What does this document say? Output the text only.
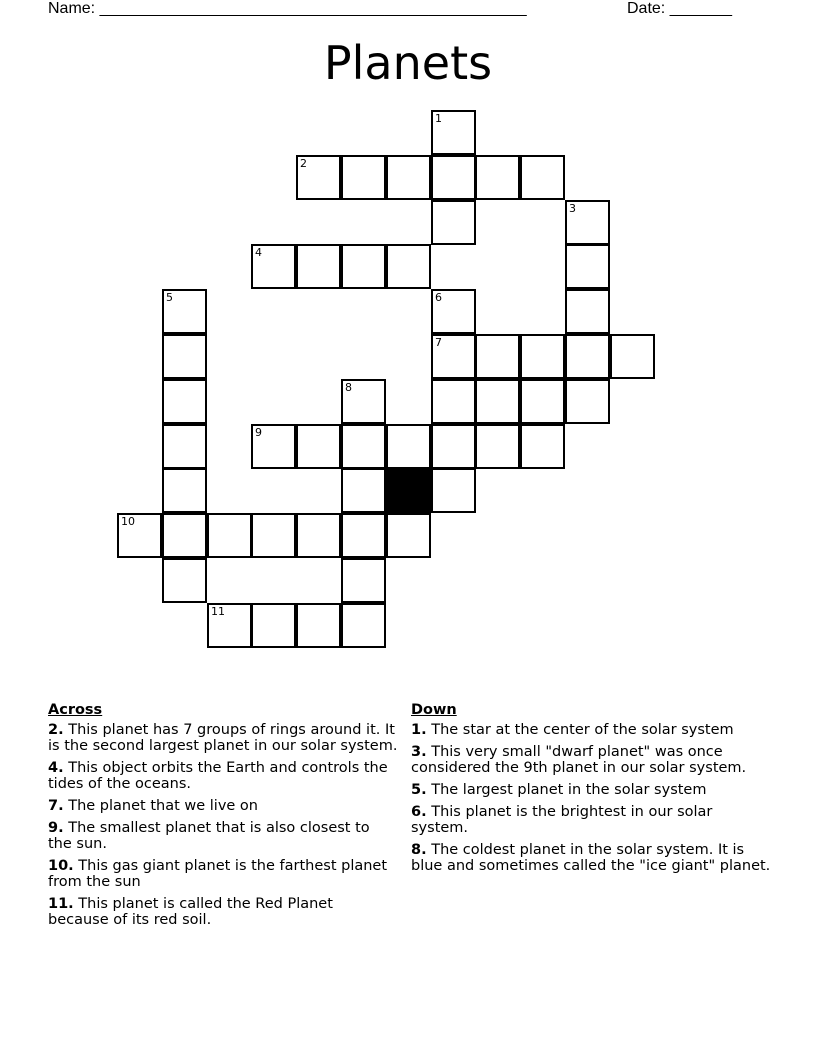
Name: ________________________________________________	Date: _______
Planets
1
2
3
4
5	6
7
8
9
10
11
Across
2. This planet has 7 groups of rings around it. It is the second largest planet in our solar system.
4. This object orbits the Earth and controls the tides of the oceans.
7. The planet that we live on
9. The smallest planet that is also closest to the sun.
10. This gas giant planet is the farthest planet from the sun
11. This planet is called the Red Planet because of its red soil.
Down
1. The star at the center of the solar system
3. This very small "dwarf planet" was once considered the 9th planet in our solar system.
5. The largest planet in the solar system
6. This planet is the brightest in our solar system.
8. The coldest planet in the solar system. It is blue and sometimes called the "ice giant" planet.
